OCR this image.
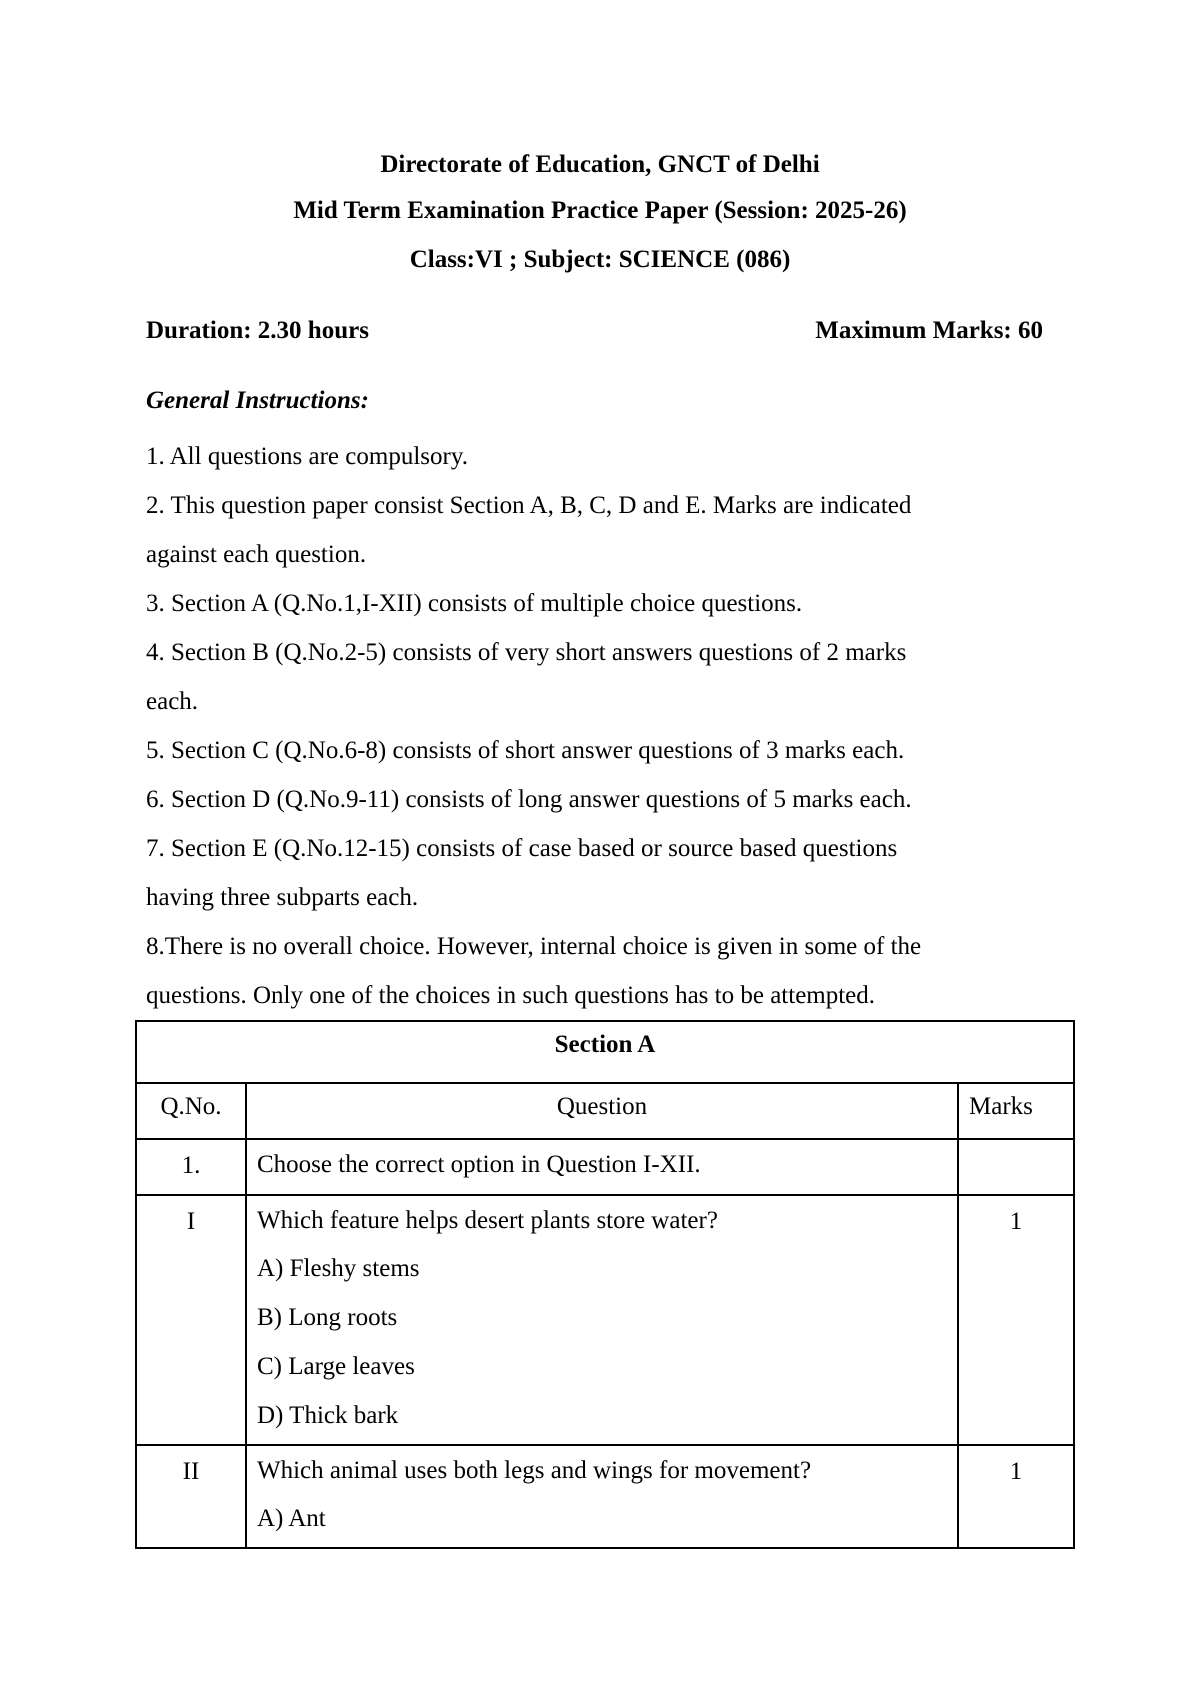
Directorate of Education, GNCT of Delhi
Mid Term Examination Practice Paper (Session: 2025-26)
Class:VI ; Subject: SCIENCE (086)
Duration: 2.30 hours	Maximum Marks: 60
General Instructions:
1. All questions are compulsory.
2. This question paper consist Section A, B, C, D and E. Marks are indicated
against each question.
3. Section A (Q.No.1,I-XII) consists of multiple choice questions.
4. Section B (Q.No.2-5) consists of very short answers questions of 2 marks
each.
5. Section C (Q.No.6-8) consists of short answer questions of 3 marks each.
6. Section D (Q.No.9-11) consists of long answer questions of 5 marks each.
7. Section E (Q.No.12-15) consists of case based or source based questions
having three subparts each.
8.There is no overall choice. However, internal choice is given in some of the
questions. Only one of the choices in such questions has to be attempted.
Section A		
Q.No.	Question	Marks
1.	Choose the correct option in Question I-XII.	

I	Which feature helps desert plants store water?
A) Fleshy stems
B) Long roots
C) Large leaves
D) Thick bark	1
II	Which animal uses both legs and wings for movement?
A) Ant	1
